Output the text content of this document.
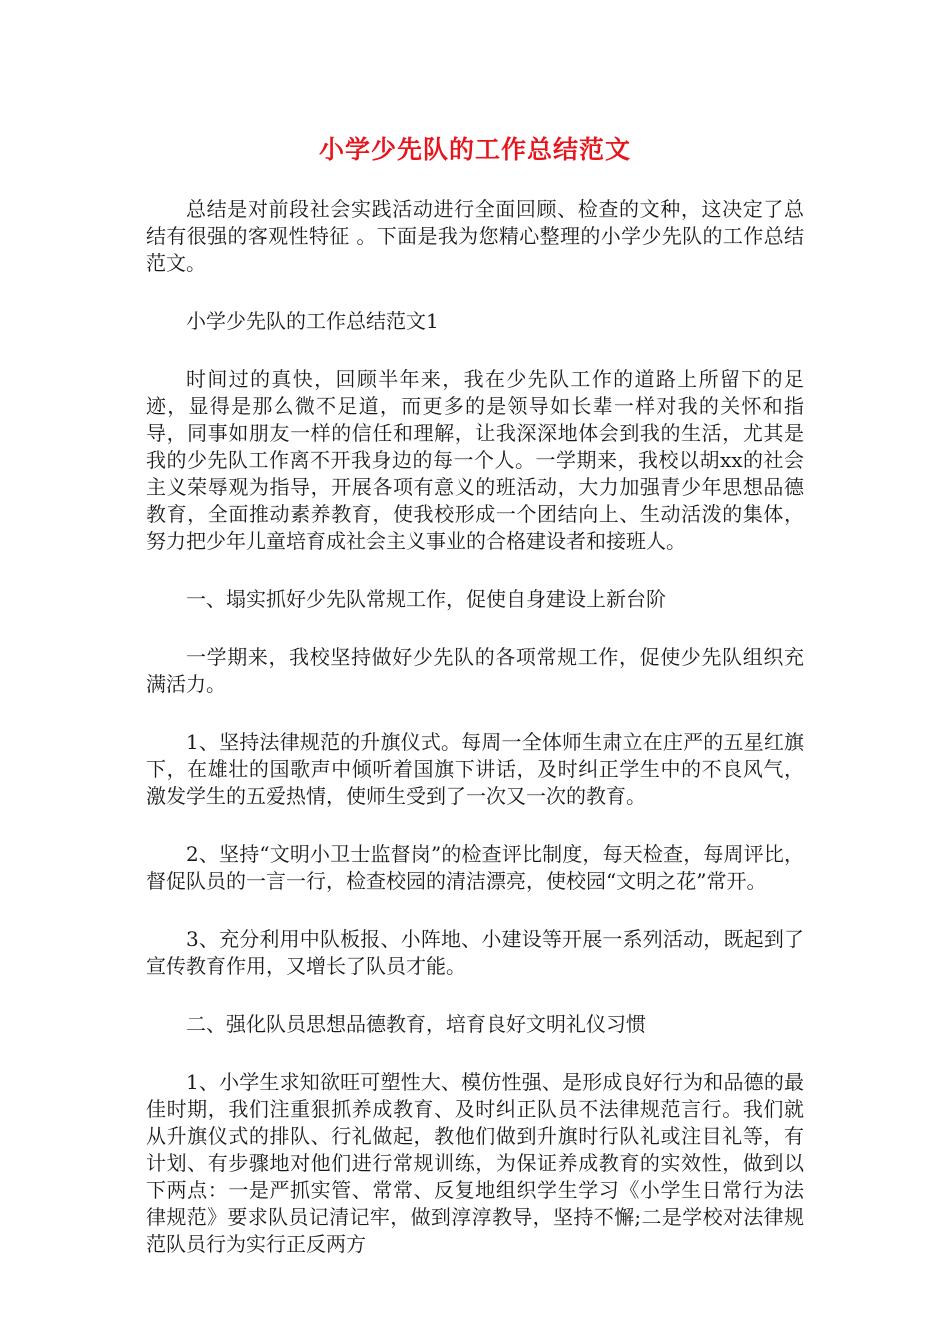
小学少先队的工作总结范文

总结是对前段社会实践活动进行全面回顾、检查的文种，这决定了总结有很强的客观性特征 。下面是我为您精心整理的小学少先队的工作总结范文。

小学少先队的工作总结范文1

时间过的真快，回顾半年来，我在少先队工作的道路上所留下的足迹，显得是那么微不足道，而更多的是领导如长辈一样对我的关怀和指导，同事如朋友一样的信任和理解，让我深深地体会到我的生活，尤其是我的少先队工作离不开我身边的每一个人。一学期来，我校以胡xx的社会主义荣辱观为指导，开展各项有意义的班活动，大力加强青少年思想品德教育，全面推动素养教育，使我校形成一个团结向上、生动活泼的集体，努力把少年儿童培育成社会主义事业的合格建设者和接班人。

一、塌实抓好少先队常规工作，促使自身建设上新台阶

一学期来，我校坚持做好少先队的各项常规工作，促使少先队组织充满活力。

1、坚持法律规范的升旗仪式。每周一全体师生肃立在庄严的五星红旗下，在雄壮的国歌声中倾听着国旗下讲话，及时纠正学生中的不良风气，激发学生的五爱热情，使师生受到了一次又一次的教育。

2、坚持“文明小卫士监督岗”的检查评比制度，每天检查，每周评比，督促队员的一言一行，检查校园的清洁漂亮，使校园“文明之花”常开。

3、充分利用中队板报、小阵地、小建设等开展一系列活动，既起到了宣传教育作用，又增长了队员才能。

二、强化队员思想品德教育，培育良好文明礼仪习惯

1、小学生求知欲旺可塑性大、模仿性强、是形成良好行为和品德的最佳时期，我们注重狠抓养成教育、及时纠正队员不法律规范言行。我们就从升旗仪式的排队、行礼做起，教他们做到升旗时行队礼或注目礼等，有计划、有步骤地对他们进行常规训练，为保证养成教育的实效性，做到以下两点：一是严抓实管、常常、反复地组织学生学习《小学生日常行为法律规范》要求队员记清记牢，做到淳淳教导，坚持不懈;二是学校对法律规范队员行为实行正反两方
